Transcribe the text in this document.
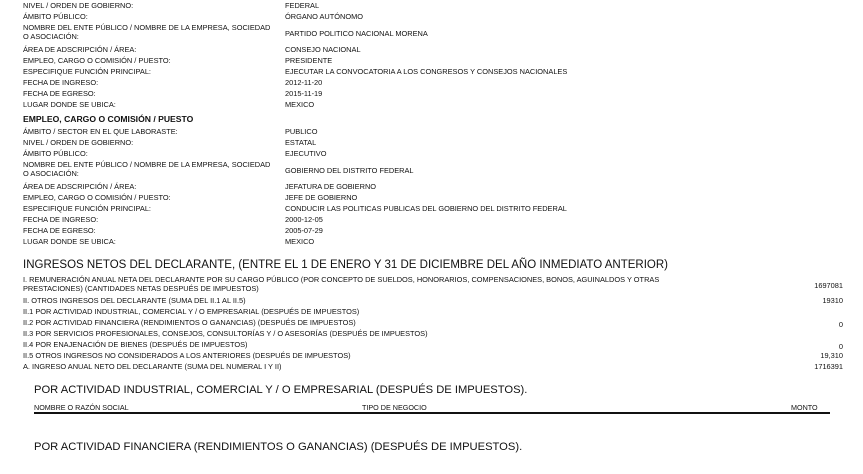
NIVEL / ORDEN DE GOBIERNO:	FEDERAL
ÁMBITO PÚBLICO:	ÓRGANO AUTÓNOMO
NOMBRE DEL ENTE PÚBLICO / NOMBRE DE LA EMPRESA, SOCIEDAD O ASOCIACIÓN:	PARTIDO POLITICO NACIONAL MORENA
ÁREA DE ADSCRIPCIÓN / ÁREA:	CONSEJO NACIONAL
EMPLEO, CARGO O COMISIÓN / PUESTO:	PRESIDENTE
ESPECIFIQUE FUNCIÓN PRINCIPAL:	EJECUTAR LA CONVOCATORIA A LOS CONGRESOS Y CONSEJOS NACIONALES
FECHA DE INGRESO:	2012-11-20
FECHA DE EGRESO:	2015-11-19
LUGAR DONDE SE UBICA:	MEXICO
EMPLEO, CARGO O COMISIÓN / PUESTO
ÁMBITO / SECTOR EN EL QUE LABORASTE:	PUBLICO
NIVEL / ORDEN DE GOBIERNO:	ESTATAL
ÁMBITO PÚBLICO:	EJECUTIVO
NOMBRE DEL ENTE PÚBLICO / NOMBRE DE LA EMPRESA, SOCIEDAD O ASOCIACIÓN:	GOBIERNO DEL DISTRITO FEDERAL
ÁREA DE ADSCRIPCIÓN / ÁREA:	JEFATURA DE GOBIERNO
EMPLEO, CARGO O COMISIÓN / PUESTO:	JEFE DE GOBIERNO
ESPECIFIQUE FUNCIÓN PRINCIPAL:	CONDUCIR LAS POLITICAS PUBLICAS DEL GOBIERNO DEL DISTRITO FEDERAL
FECHA DE INGRESO:	2000-12-05
FECHA DE EGRESO:	2005-07-29
LUGAR DONDE SE UBICA:	MEXICO
INGRESOS NETOS DEL DECLARANTE, (ENTRE EL 1 DE ENERO Y 31 DE DICIEMBRE DEL AÑO INMEDIATO ANTERIOR)
I. REMUNERACIÓN ANUAL NETA DEL DECLARANTE POR SU CARGO PÚBLICO (POR CONCEPTO DE SUELDOS, HONORARIOS, COMPENSACIONES, BONOS, AGUINALDOS Y OTRAS PRESTACIONES) (CANTIDADES NETAS DESPUÉS DE IMPUESTOS)	1697081
II. OTROS INGRESOS DEL DECLARANTE (SUMA DEL II.1 AL II.5)	19310
II.1 POR ACTIVIDAD INDUSTRIAL, COMERCIAL Y / O EMPRESARIAL (DESPUÉS DE IMPUESTOS)
II.2 POR ACTIVIDAD FINANCIERA (RENDIMIENTOS O GANANCIAS) (DESPUÉS DE IMPUESTOS)	0
II.3 POR SERVICIOS PROFESIONALES, CONSEJOS, CONSULTORÍAS Y / O ASESORÍAS (DESPUÉS DE IMPUESTOS)
II.4 POR ENAJENACIÓN DE BIENES (DESPUÉS DE IMPUESTOS)	0
II.5 OTROS INGRESOS NO CONSIDERADOS A LOS ANTERIORES (DESPUÉS DE IMPUESTOS)	19,310
A. INGRESO ANUAL NETO DEL DECLARANTE (SUMA DEL NUMERAL I Y II)	1716391
POR ACTIVIDAD INDUSTRIAL, COMERCIAL Y / O EMPRESARIAL (DESPUÉS DE IMPUESTOS).
NOMBRE O RAZÓN SOCIAL	TIPO DE NEGOCIO	MONTO
POR ACTIVIDAD FINANCIERA (RENDIMIENTOS O GANANCIAS) (DESPUÉS DE IMPUESTOS).
